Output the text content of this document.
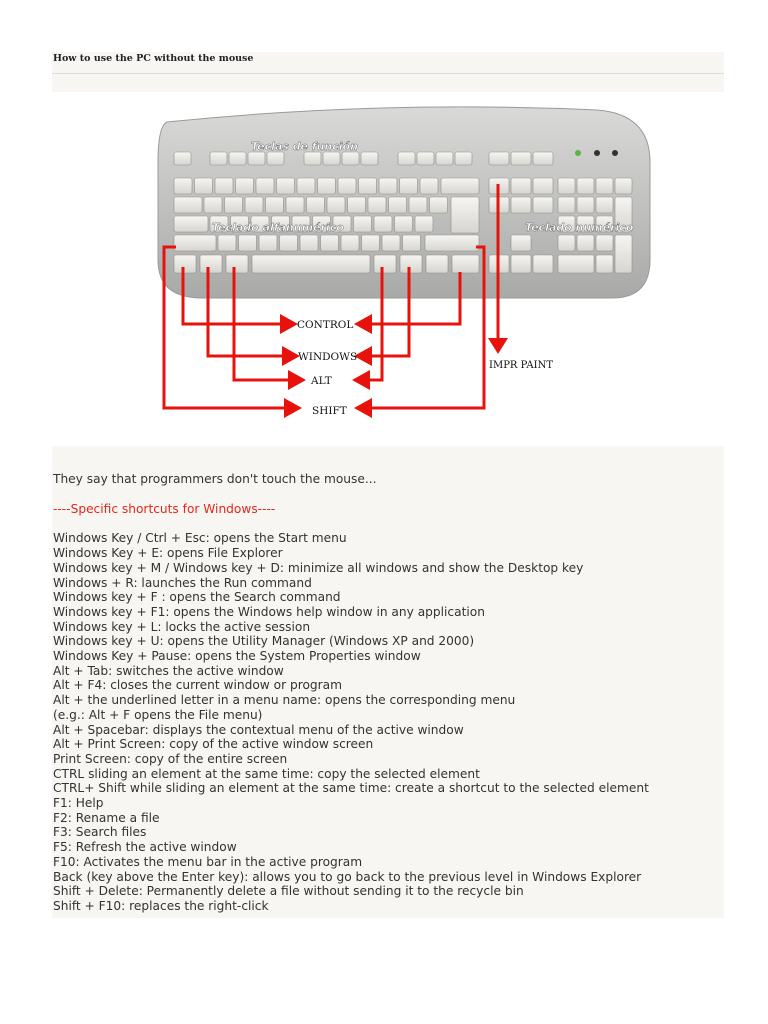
How to use the PC without the mouse
Teclas de función
Teclado alfanumérico	Teclado numérico
CONTROL
WINDOWS
ALT
SHIFT
IMPR PAINT

They say that programmers don't touch the mouse...

----Specific shortcuts for Windows----

Windows Key / Ctrl + Esc: opens the Start menu
Windows Key + E: opens File Explorer
Windows key + M / Windows key + D: minimize all windows and show the Desktop key
Windows + R: launches the Run command
Windows key + F : opens the Search command
Windows key + F1: opens the Windows help window in any application
Windows key + L: locks the active session
Windows key + U: opens the Utility Manager (Windows XP and 2000)
Windows Key + Pause: opens the System Properties window
Alt + Tab: switches the active window
Alt + F4: closes the current window or program
Alt + the underlined letter in a menu name: opens the corresponding menu
(e.g.: Alt + F opens the File menu)
Alt + Spacebar: displays the contextual menu of the active window
Alt + Print Screen: copy of the active window screen
Print Screen: copy of the entire screen
CTRL sliding an element at the same time: copy the selected element
CTRL+ Shift while sliding an element at the same time: create a shortcut to the selected element
F1: Help
F2: Rename a file
F3: Search files
F5: Refresh the active window
F10: Activates the menu bar in the active program
Back (key above the Enter key): allows you to go back to the previous level in Windows Explorer
Shift + Delete: Permanently delete a file without sending it to the recycle bin
Shift + F10: replaces the right-click
